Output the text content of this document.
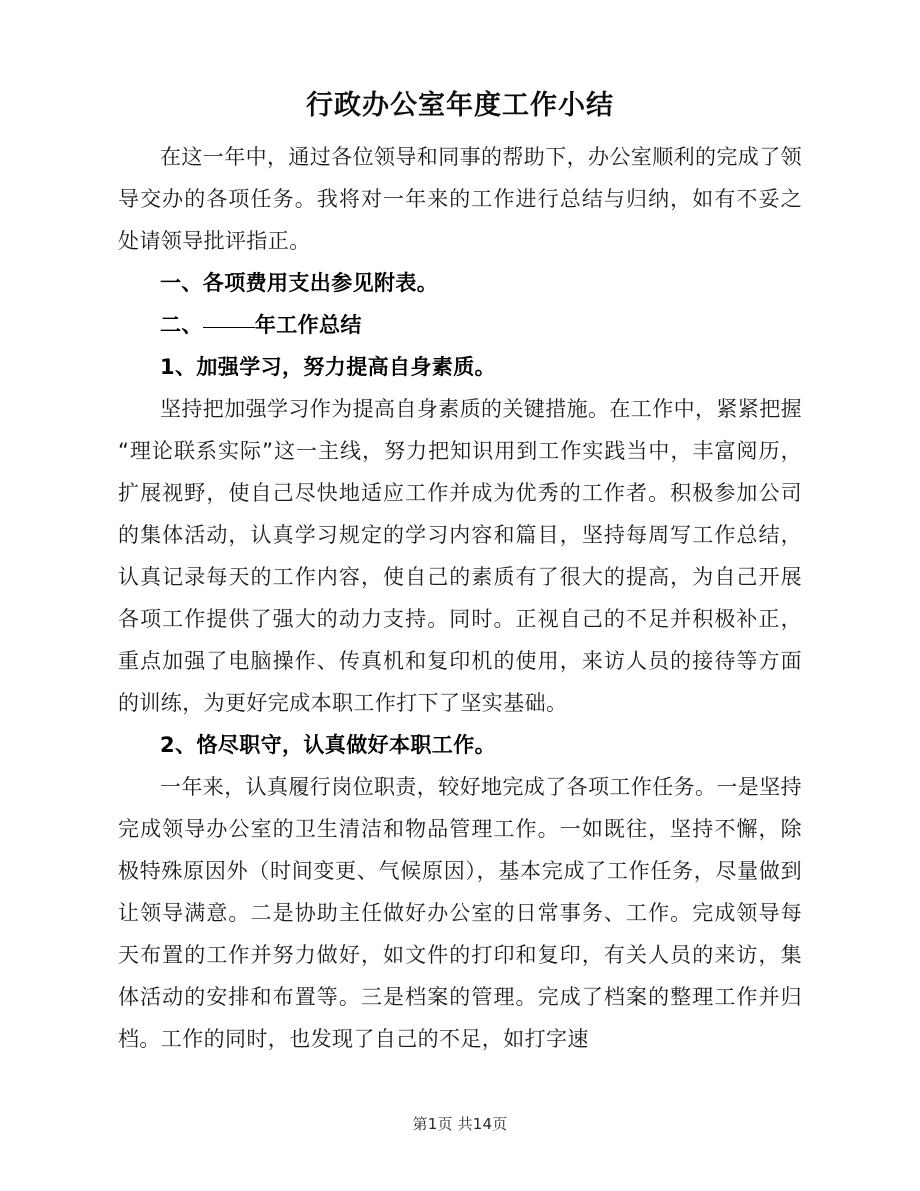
行政办公室年度工作小结

在这一年中，通过各位领导和同事的帮助下，办公室顺利的完成了领导交办的各项任务。我将对一年来的工作进行总结与归纳，如有不妥之处请领导批评指正。

一、各项费用支出参见附表。

二、 年工作总结

1、加强学习，努力提高自身素质。

坚持把加强学习作为提高自身素质的关键措施。在工作中，紧紧把握“理论联系实际”这一主线，努力把知识用到工作实践当中，丰富阅历，扩展视野，使自己尽快地适应工作并成为优秀的工作者。积极参加公司的集体活动，认真学习规定的学习内容和篇目，坚持每周写工作总结，认真记录每天的工作内容，使自己的素质有了很大的提高，为自己开展各项工作提供了强大的动力支持。同时。正视自己的不足并积极补正，重点加强了电脑操作、传真机和复印机的使用，来访人员的接待等方面的训练，为更好完成本职工作打下了坚实基础。

2、恪尽职守，认真做好本职工作。

一年来，认真履行岗位职责，较好地完成了各项工作任务。一是坚持完成领导办公室的卫生清洁和物品管理工作。一如既往，坚持不懈，除极特殊原因外（时间变更、气候原因），基本完成了工作任务，尽量做到让领导满意。二是协助主任做好办公室的日常事务、工作。完成领导每天布置的工作并努力做好，如文件的打印和复印，有关人员的来访，集体活动的安排和布置等。三是档案的管理。完成了档案的整理工作并归档。工作的同时，也发现了自己的不足，如打字速

第1页 共14页
